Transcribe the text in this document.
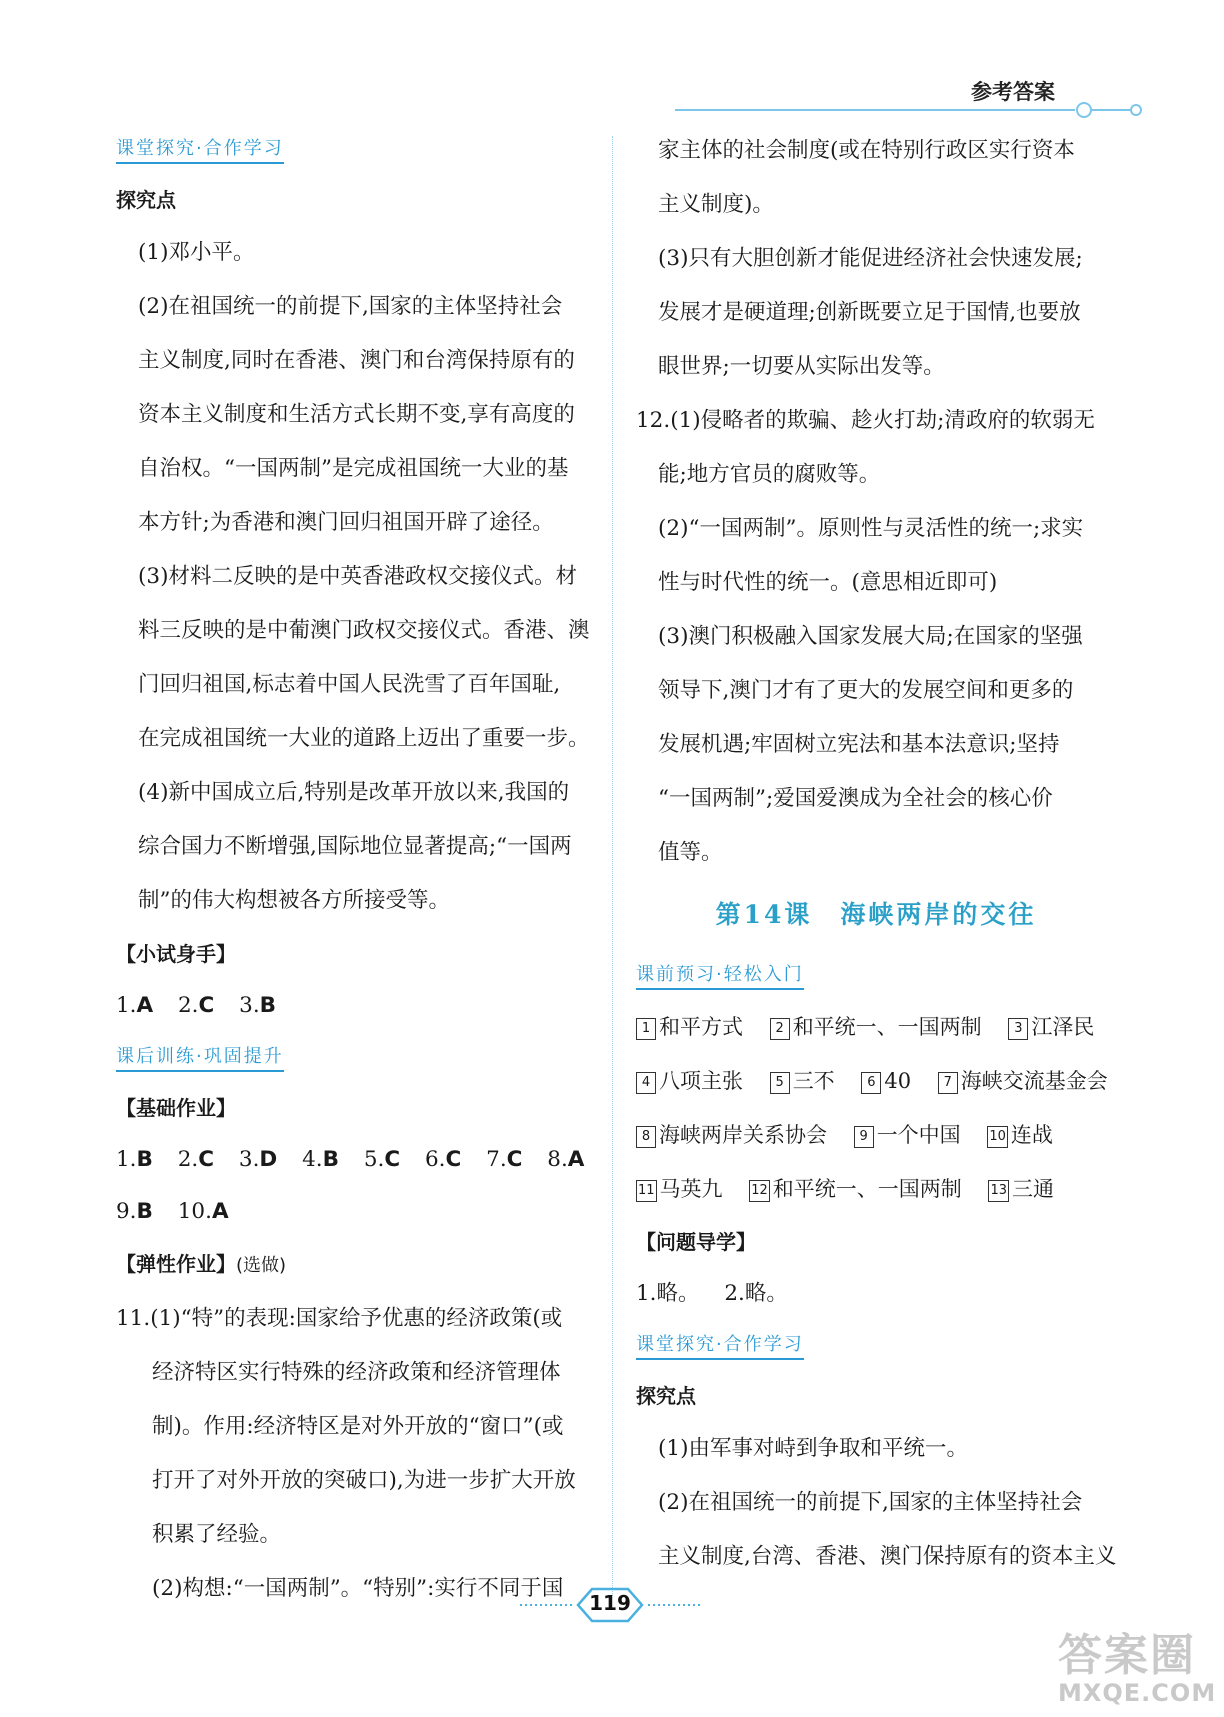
参考答案
课堂探究·合作学习
探究点
(1)邓小平。
(2)在祖国统一的前提下,国家的主体坚持社会
主义制度,同时在香港、澳门和台湾保持原有的
资本主义制度和生活方式长期不变,享有高度的
自治权。“一国两制”是完成祖国统一大业的基
本方针;为香港和澳门回归祖国开辟了途径。
(3)材料二反映的是中英香港政权交接仪式。材
料三反映的是中葡澳门政权交接仪式。香港、澳
门回归祖国,标志着中国人民洗雪了百年国耻,
在完成祖国统一大业的道路上迈出了重要一步。
(4)新中国成立后,特别是改革开放以来,我国的
综合国力不断增强,国际地位显著提高;“一国两
制”的伟大构想被各方所接受等。
【小试身手】
1.A 2.C 3.B
课后训练·巩固提升
【基础作业】
1.B 2.C 3.D 4.B 5.C 6.C 7.C 8.A
9.B 10.A
【弹性作业】(选做)
11.(1)“特”的表现:国家给予优惠的经济政策(或
经济特区实行特殊的经济政策和经济管理体
制)。作用:经济特区是对外开放的“窗口”(或
打开了对外开放的突破口),为进一步扩大开放
积累了经验。
(2)构想:“一国两制”。“特别”:实行不同于国
家主体的社会制度(或在特别行政区实行资本
主义制度)。
(3)只有大胆创新才能促进经济社会快速发展;
发展才是硬道理;创新既要立足于国情,也要放
眼世界;一切要从实际出发等。
12.(1)侵略者的欺骗、趁火打劫;清政府的软弱无
能;地方官员的腐败等。
(2)“一国两制”。原则性与灵活性的统一;求实
性与时代性的统一。(意思相近即可)
(3)澳门积极融入国家发展大局;在国家的坚强
领导下,澳门才有了更大的发展空间和更多的
发展机遇;牢固树立宪法和基本法意识;坚持
“一国两制”;爱国爱澳成为全社会的核心价
值等。
第14课　海峡两岸的交往
课前预习·轻松入门
1 和平方式	2 和平统一、一国两制	3 江泽民
4 八项主张	5 三不	6 40	7 海峡交流基金会
8 海峡两岸关系协会	9 一个中国 10 连战
11 马英九 12 和平统一、一国两制 13 三通
【问题导学】
1.略。 2.略。
课堂探究·合作学习
探究点
(1)由军事对峙到争取和平统一。
(2)在祖国统一的前提下,国家的主体坚持社会
主义制度,台湾、香港、澳门保持原有的资本主义
119
答案圈
MXQE.COM
